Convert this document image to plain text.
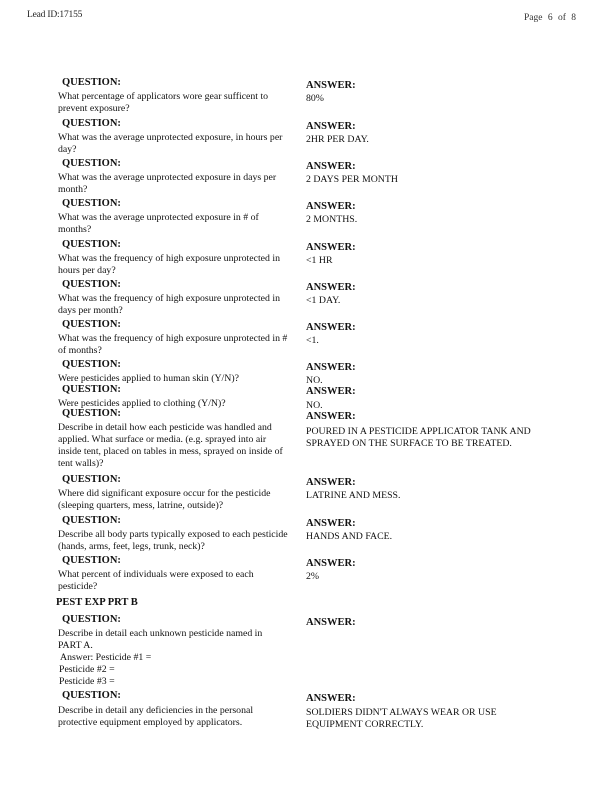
Lead ID:17155	Page 6 of 8
QUESTION:
What percentage of applicators wore gear sufficent to prevent exposure?
ANSWER:
80%
QUESTION:
What was the average unprotected exposure, in hours per day?
ANSWER:
2HR PER DAY.
QUESTION:
What was the average unprotected exposure in days per month?
ANSWER:
2 DAYS PER MONTH
QUESTION:
What was the average unprotected exposure in # of months?
ANSWER:
2 MONTHS.
QUESTION:
What was the frequency of high exposure unprotected in hours per day?
ANSWER:
<1 HR
QUESTION:
What was the frequency of high exposure unprotected in days per month?
ANSWER:
<1 DAY.
QUESTION:
What was the frequency of high exposure unprotected in # of months?
ANSWER:
<1.
QUESTION:
Were pesticides applied to human skin (Y/N)?
ANSWER:
NO.
QUESTION:
Were pesticides applied to clothing (Y/N)?
ANSWER:
NO.
QUESTION:
Describe in detail how each pesticide was handled and applied. What surface or media. (e.g. sprayed into air inside tent, placed on tables in mess, sprayed on inside of tent walls)?
ANSWER:
POURED IN A PESTICIDE APPLICATOR TANK AND SPRAYED ON THE SURFACE TO BE TREATED.
QUESTION:
Where did significant exposure occur for the pesticide (sleeping quarters, mess, latrine, outside)?
ANSWER:
LATRINE AND MESS.
QUESTION:
Describe all body parts typically exposed to each pesticide (hands, arms, feet, legs, trunk, neck)?
ANSWER:
HANDS AND FACE.
QUESTION:
What percent of individuals were exposed to each pesticide?
ANSWER:
2%
PEST EXP PRT B
QUESTION:
Describe in detail each unknown pesticide named in PART A.
Answer: Pesticide #1 =
Pesticide #2 =
Pesticide #3 =
ANSWER:
QUESTION:
Describe in detail any deficiencies in the personal protective equipment employed by applicators.
ANSWER:
SOLDIERS DIDN'T ALWAYS WEAR OR USE EQUIPMENT CORRECTLY.
